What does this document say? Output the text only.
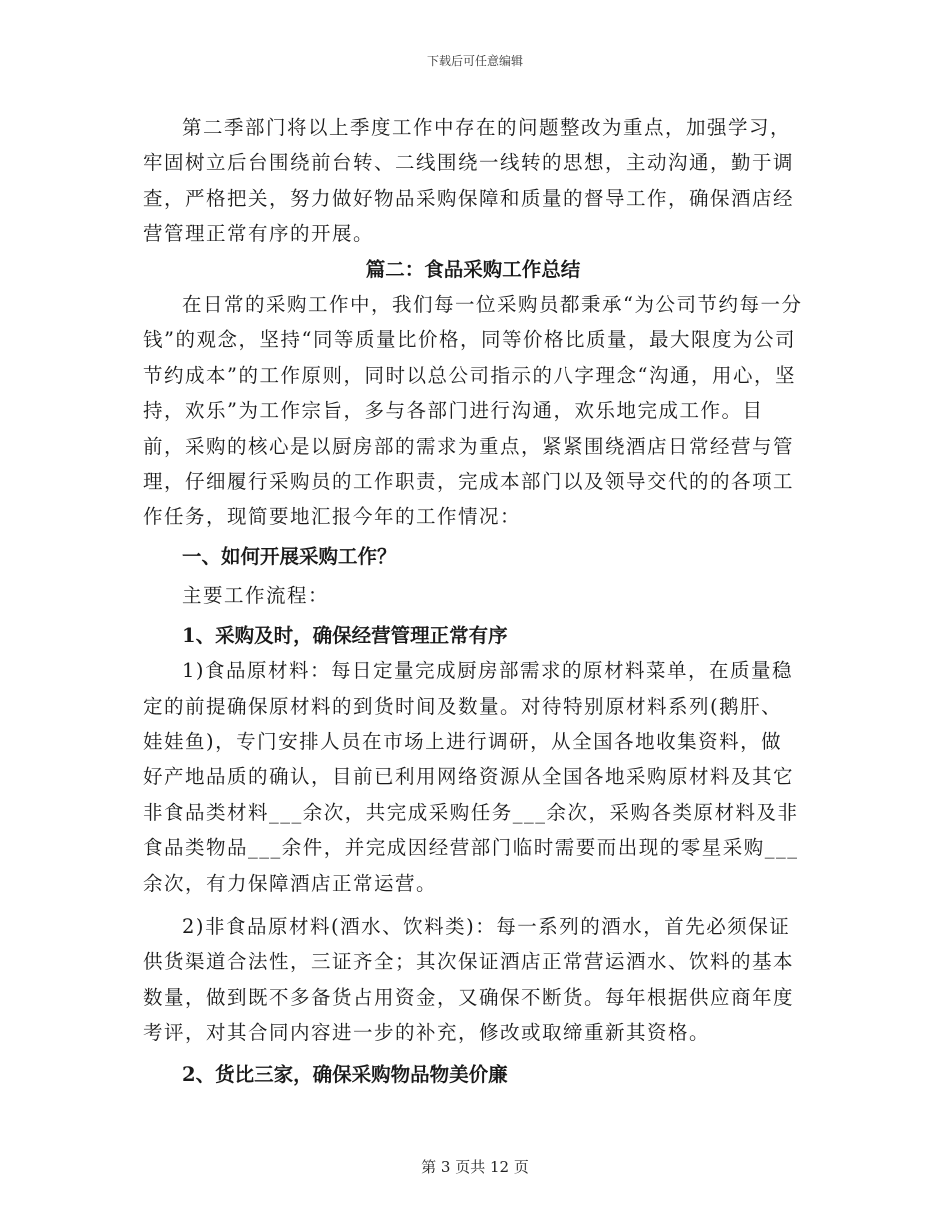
下载后可任意编辑

第二季部门将以上季度工作中存在的问题整改为重点，加强学习，牢固树立后台围绕前台转、二线围绕一线转的思想，主动沟通，勤于调查，严格把关，努力做好物品采购保障和质量的督导工作，确保酒店经营管理正常有序的开展。

篇二：食品采购工作总结

在日常的采购工作中，我们每一位采购员都秉承“为公司节约每一分钱”的观念，坚持“同等质量比价格，同等价格比质量，最大限度为公司节约成本”的工作原则，同时以总公司指示的八字理念“沟通，用心，坚持，欢乐”为工作宗旨，多与各部门进行沟通，欢乐地完成工作。目前，采购的核心是以厨房部的需求为重点，紧紧围绕酒店日常经营与管理，仔细履行采购员的工作职责，完成本部门以及领导交代的的各项工作任务，现简要地汇报今年的工作情况：

一、如何开展采购工作？

主要工作流程：

1、采购及时，确保经营管理正常有序

1)食品原材料：每日定量完成厨房部需求的原材料菜单，在质量稳定的前提确保原材料的到货时间及数量。对待特别原材料系列(鹅肝、娃娃鱼)，专门安排人员在市场上进行调研，从全国各地收集资料，做好产地品质的确认，目前已利用网络资源从全国各地采购原材料及其它非食品类材料___余次，共完成采购任务___余次，采购各类原材料及非食品类物品___余件，并完成因经营部门临时需要而出现的零星采购___余次，有力保障酒店正常运营。

2)非食品原材料(酒水、饮料类)：每一系列的酒水，首先必须保证供货渠道合法性，三证齐全；其次保证酒店正常营运酒水、饮料的基本数量，做到既不多备货占用资金，又确保不断货。每年根据供应商年度考评，对其合同内容进一步的补充，修改或取缔重新其资格。

2、货比三家，确保采购物品物美价廉

第 3 页共 12 页
